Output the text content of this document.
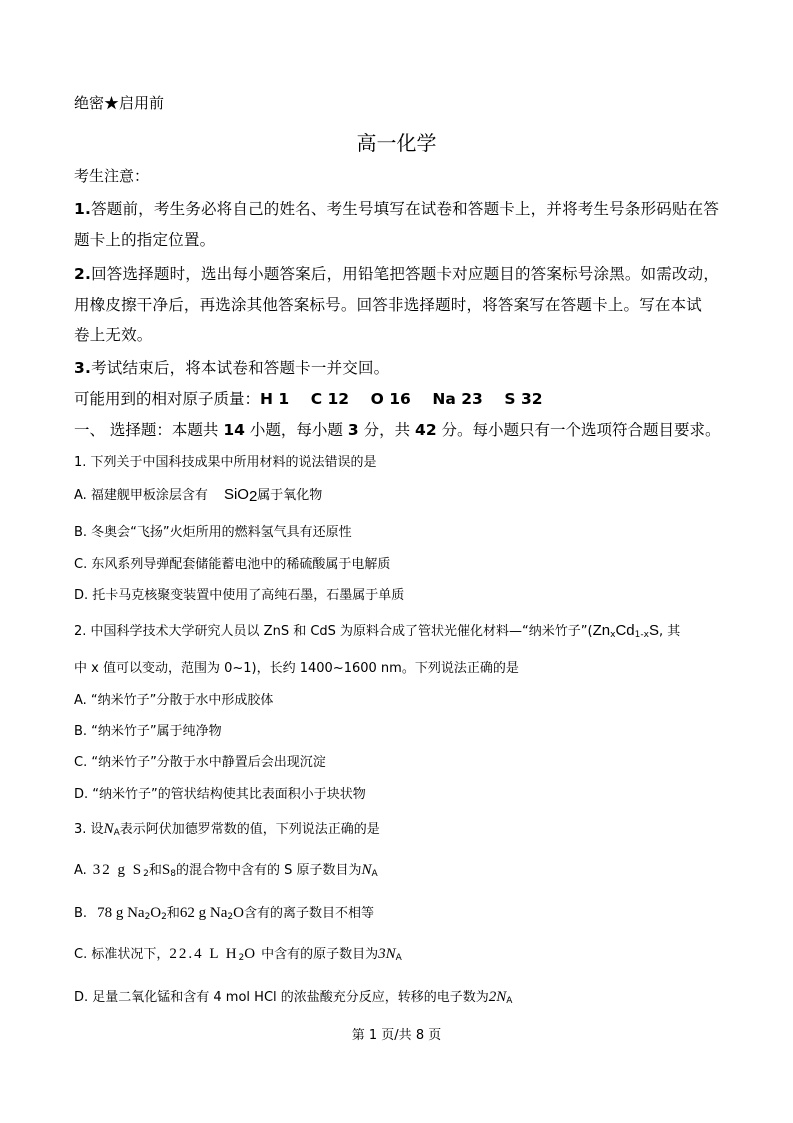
绝密★启用前
高一化学
考生注意：
1.答题前，考生务必将自己的姓名、考生号填写在试卷和答题卡上，并将考生号条形码贴在答
题卡上的指定位置。
2.回答选择题时，选出每小题答案后，用铅笔把答题卡对应题目的答案标号涂黑。如需改动，
用橡皮擦干净后，再选涂其他答案标号。回答非选择题时，将答案写在答题卡上。写在本试
卷上无效。
3.考试结束后，将本试卷和答题卡一并交回。
可能用到的相对原子质量：H 1    C 12    O 16    Na 23    S 32
一、 选择题：本题共 14 小题，每小题 3 分，共 42 分。每小题只有一个选项符合题目要求。
1. 下列关于中国科技成果中所用材料的说法错误的是
A. 福建舰甲板涂层含有 SiO$_2$属于氧化物
B. 冬奥会“飞扬”火炬所用的燃料氢气具有还原性
C. 东风系列导弹配套储能蓄电池中的稀硫酸属于电解质
D. 托卡马克核聚变装置中使用了高纯石墨，石墨属于单质
2. 中国科学技术大学研究人员以 ZnS 和 CdS 为原料合成了管状光催化材料—“纳米竹子$”(Zn_xCd_{1-x}S$, 其
中 x 值可以变动，范围为 0~1)，长约 1400~1600 nm。下列说法正确的是
A. “纳米竹子”分散于水中形成胶体
B. “纳米竹子”属于纯净物
C. “纳米竹子”分散于水中静置后会出现沉淀
D. “纳米竹子”的管状结构使其比表面积小于块状物
3. 设$N_A$表示阿伏加德罗常数的值，下列说法正确的是
A. 32 g $S_2$和$S_8$的混合物中含有的 S 原子数目为$N_A$
B. 78 g $Na_2O_2$和62 g $Na_2O$含有的离子数目不相等
C. 标准状况下，22.4 L $H_2O$ 中含有的原子数目为$3N_A$
D. 足量二氧化锰和含有 4 mol HCl 的浓盐酸充分反应，转移的电子数为$2N_A$
第 1 页/共 8 页
